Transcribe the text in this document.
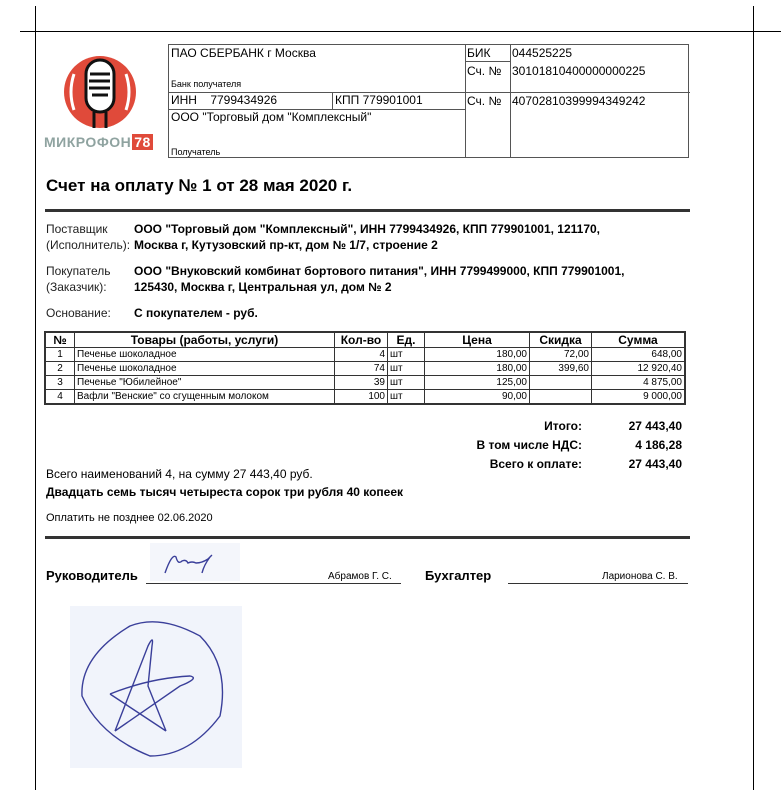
МИКРОФОН 78
ПАО СБЕРБАНК г Москва
Банк получателя
ИНН 7799434926	КПП 779901001
ООО "Торговый дом "Комплексный"
Получатель
БИК 044525225
Сч. № 30101810400000000225
Сч. № 40702810399994349242
Счет на оплату № 1 от 28 мая 2020 г.
Поставщик
(Исполнитель):
ООО "Торговый дом "Комплексный", ИНН 7799434926, КПП 779901001, 121170,
Москва г, Кутузовский пр-кт, дом № 1/7, строение 2
Покупатель
(Заказчик):
ООО "Внуковский комбинат бортового питания", ИНН 7799499000, КПП 779901001,
125430, Москва г, Центральная ул, дом № 2
Основание:	С покупателем - руб.
№	Товары (работы, услуги)	Кол-во	Ед.	Цена	Скидка	Сумма
1	Печенье шоколадное	4	шт	180,00	72,00	648,00
2	Печенье шоколадное	74	шт	180,00	399,60	12 920,40
3	Печенье "Юбилейное"	39	шт	125,00		4 875,00
4	Вафли "Венские" со сгущенным молоком	100	шт	90,00		9 000,00
Итого:	27 443,40
В том числе НДС:	4 186,28
Всего к оплате:	27 443,40
Всего наименований 4, на сумму 27 443,40 руб.
Двадцать семь тысяч четыреста сорок три рубля 40 копеек
Оплатить не позднее 02.06.2020
Руководитель	Абрамов Г. С.	Бухгалтер	Ларионова С. В.
